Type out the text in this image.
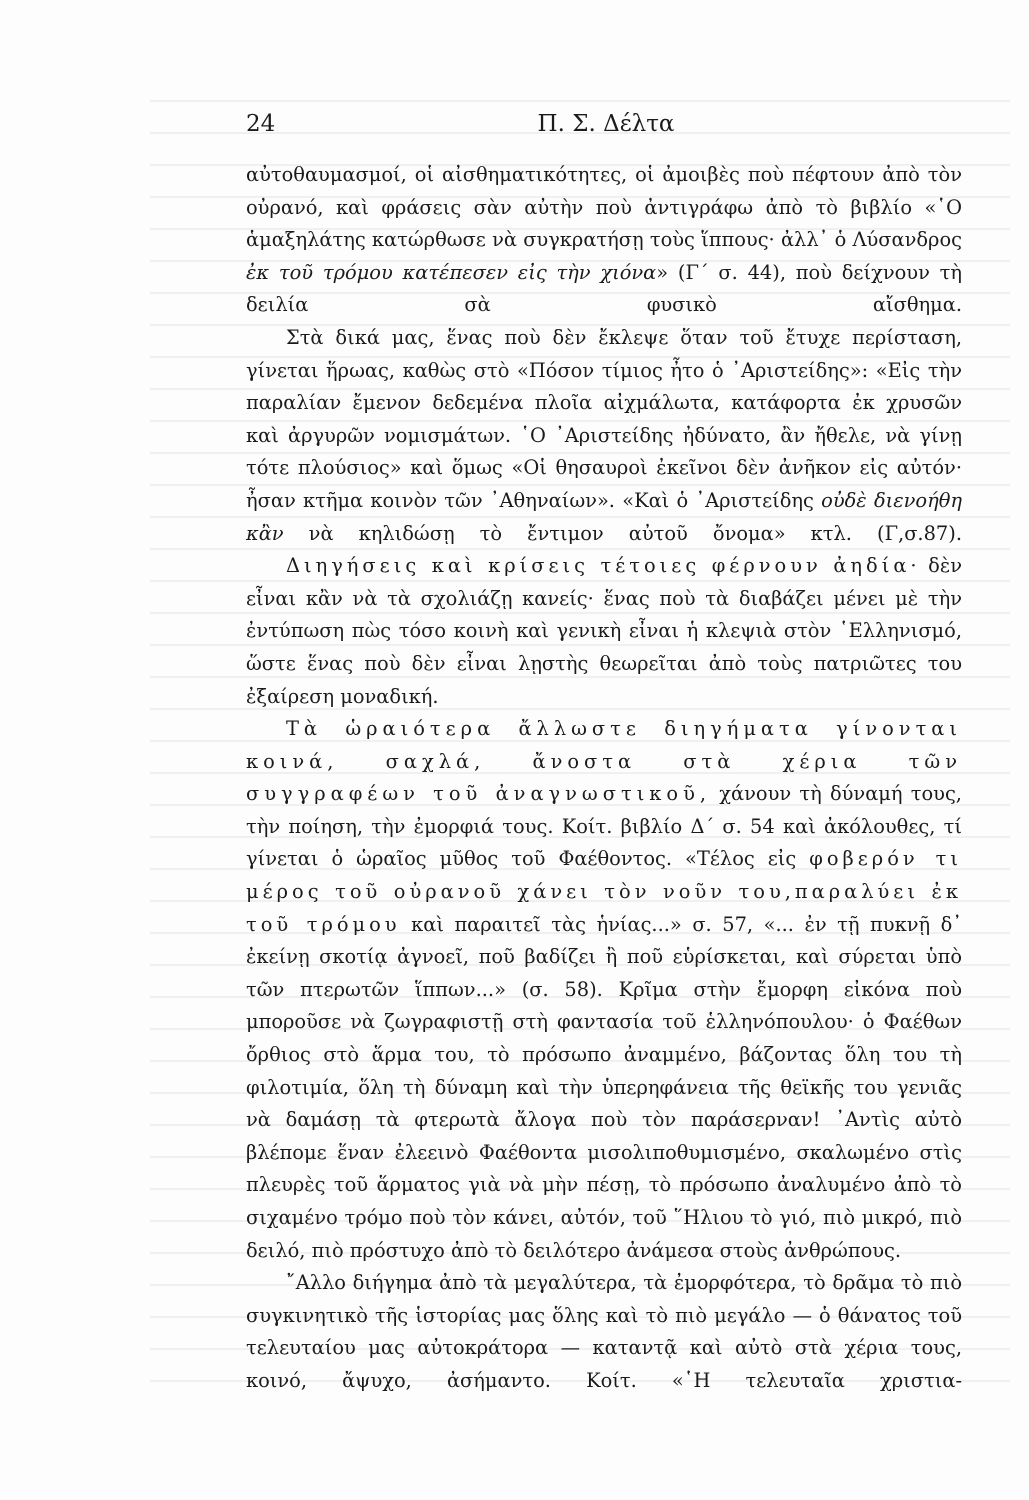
24	Π. Σ. Δέλτα

αὐτοθαυμασμοί, οἱ αἰσθηματικότητες, οἱ ἀμοιβὲς ποὺ πέφτουν ἀπὸ τὸν οὐρανό, καὶ φράσεις σὰν αὐτὴν ποὺ ἀντιγράφω ἀπὸ τὸ βιβλίο «῾Ο ἁμαξηλάτης κατώρθωσε νὰ συγκρατήσῃ τοὺς ἵππους· ἀλλ᾽ ὁ Λύσανδρος ἐκ τοῦ τρόμου κατέπεσεν εἰς τὴν χιόνα» (Γ΄ σ. 44), ποὺ δείχνουν τὴ δειλία σὰ φυσικὸ αἴσθημα.

Στὰ δικά μας, ἕνας ποὺ δὲν ἔκλεψε ὅταν τοῦ ἔτυχε περίσταση, γίνεται ἥρωας, καθὼς στὸ «Πόσον τίμιος ἦτο ὁ ᾽Αριστείδης»: «Εἰς τὴν παραλίαν ἔμενον δεδεμένα πλοῖα αἰχμάλωτα, κατάφορτα ἐκ χρυσῶν καὶ ἀργυρῶν νομισμάτων. ῾Ο ᾽Αριστείδης ἠδύνατο, ἂν ἤθελε, νὰ γίνῃ τότε πλούσιος» καὶ ὅμως «Οἱ θησαυροὶ ἐκεῖνοι δὲν ἀνῆκον εἰς αὐτόν· ἦσαν κτῆμα κοινὸν τῶν ᾽Αθηναίων». «Καὶ ὁ ᾽Αριστείδης οὐδὲ διενοήθη κἂν νὰ κηλιδώσῃ τὸ ἔντιμον αὐτοῦ ὄνομα» κτλ. (Γ,σ.87).

Διηγήσεις καὶ κρίσεις τέτοιες φέρνουν ἀηδία· δὲν εἶναι κἂν νὰ τὰ σχολιάζῃ κανείς· ἕνας ποὺ τὰ διαβάζει μένει μὲ τὴν ἐντύπωση πὼς τόσο κοινὴ καὶ γενικὴ εἶναι ἡ κλεψιὰ στὸν ῾Ελληνισμό, ὥστε ἕνας ποὺ δὲν εἶναι λῃστὴς θεωρεῖται ἀπὸ τοὺς πατριῶτες του ἐξαίρεση μοναδική.

Τὰ ὡραιότερα ἄλλωστε διηγήματα γίνονται κοινά, σαχλά, ἄνοστα στὰ χέρια τῶν συγγραφέων τοῦ ἀναγνωστικοῦ, χάνουν τὴ δύναμή τους, τὴν ποίηση, τὴν ἐμορφιά τους. Κοίτ. βιβλίο Δ΄ σ. 54 καὶ ἀκόλουθες, τί γίνεται ὁ ὡραῖος μῦθος τοῦ Φαέθοντος. «Τέλος εἰς φοβερόν τι μέρος τοῦ οὐρανοῦ χάνει τὸν νοῦν του,παραλύει ἐκ τοῦ τρόμου καὶ παραιτεῖ τὰς ἡνίας...» σ. 57, «... ἐν τῇ πυκνῇ δ᾽ ἐκείνῃ σκοτίᾳ ἀγνοεῖ, ποῦ βαδίζει ἢ ποῦ εὑρίσκεται, καὶ σύρεται ὑπὸ τῶν πτερωτῶν ἵππων...» (σ. 58). Κρῖμα στὴν ἔμορφη εἰκόνα ποὺ μποροῦσε νὰ ζωγραφιστῇ στὴ φαντασία τοῦ ἑλληνόπουλου· ὁ Φαέθων ὄρθιος στὸ ἅρμα του, τὸ πρόσωπο ἀναμμένο, βάζοντας ὅλη του τὴ φιλοτιμία, ὅλη τὴ δύναμη καὶ τὴν ὑπερηφάνεια τῆς θεϊκῆς του γενιᾶς νὰ δαμάσῃ τὰ φτερωτὰ ἄλογα ποὺ τὸν παράσερναν! ᾽Αντὶς αὐτὸ βλέπομε ἕναν ἐλεεινὸ Φαέθοντα μισολιποθυμισμένο, σκαλωμένο στὶς πλευρὲς τοῦ ἅρματος γιὰ νὰ μὴν πέσῃ, τὸ πρόσωπο ἀναλυμένο ἀπὸ τὸ σιχαμένο τρόμο ποὺ τὸν κάνει, αὐτόν, τοῦ ῞Ηλιου τὸ γιό, πιὸ μικρό, πιὸ δειλό, πιὸ πρόστυχο ἀπὸ τὸ δειλότερο ἀνάμεσα στοὺς ἀνθρώπους.

῎Αλλο διήγημα ἀπὸ τὰ μεγαλύτερα, τὰ ἐμορφότερα, τὸ δρᾶμα τὸ πιὸ συγκινητικὸ τῆς ἱστορίας μας ὅλης καὶ τὸ πιὸ μεγάλο — ὁ θάνατος τοῦ τελευταίου μας αὐτοκράτορα — καταντᾷ καὶ αὐτὸ στὰ χέρια τους, κοινό, ἄψυχο, ἀσήμαντο. Κοίτ. «῾Η τελευταῖα χριστια-
